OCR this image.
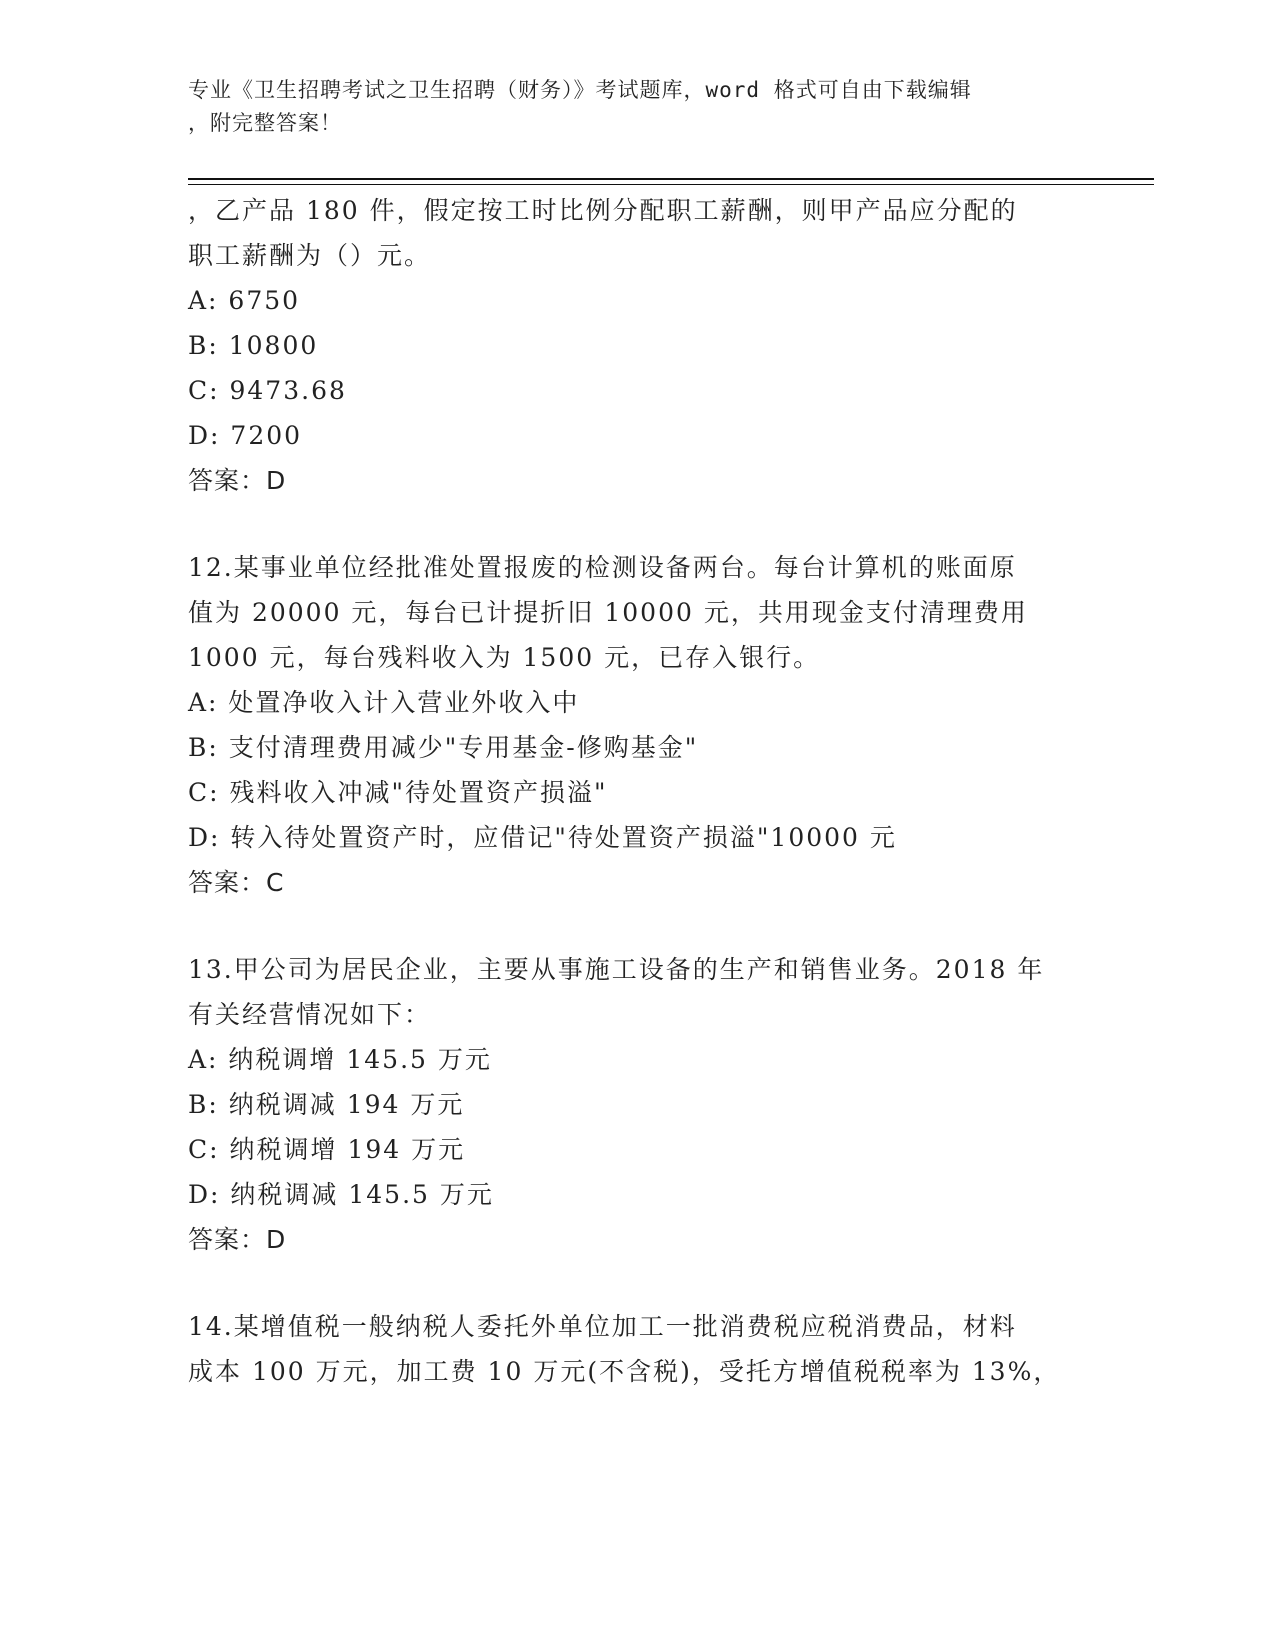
专业《卫生招聘考试之卫生招聘（财务）》考试题库，word 格式可自由下载编辑
，附完整答案！
，乙产品 180 件，假定按工时比例分配职工薪酬，则甲产品应分配的
职工薪酬为（）元。
A: 6750
B: 10800
C: 9473.68
D: 7200
答案：D
12.某事业单位经批准处置报废的检测设备两台。每台计算机的账面原
值为 20000 元，每台已计提折旧 10000 元，共用现金支付清理费用
1000 元，每台残料收入为 1500 元，已存入银行。
A: 处置净收入计入营业外收入中
B: 支付清理费用减少"专用基金-修购基金"
C: 残料收入冲减"待处置资产损溢"
D: 转入待处置资产时，应借记"待处置资产损溢"10000 元
答案：C
13.甲公司为居民企业，主要从事施工设备的生产和销售业务。2018 年
有关经营情况如下：
A: 纳税调增 145.5 万元
B: 纳税调减 194 万元
C: 纳税调增 194 万元
D: 纳税调减 145.5 万元
答案：D
14.某增值税一般纳税人委托外单位加工一批消费税应税消费品，材料
成本 100 万元，加工费 10 万元(不含税)，受托方增值税税率为 13%，
